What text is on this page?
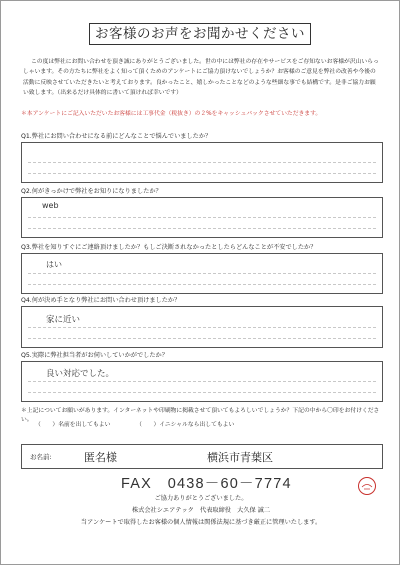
お客様のお声をお聞かせください
この度は弊社にお問い合わせを頂き誠にありがとうございました。世の中には弊社の存在やサービスをご存知ないお客様が沢山いらっしゃいます。その方たちに弊社をよく知って頂くためのアンケートにご協力頂けないでしょうか？お客様のご意見を弊社の改善や今後の活動に反映させていただきたいと考えております。良かったこと、嬉しかったことなどのような些細な事でも結構です。是非ご協力お願い致します。（出来るだけ具体的に書いて頂ければ幸いです）
＊本アンケートにご記入いただいたお客様には工事代金（税抜き）の２%をキャッシュバックさせていただきます。
Q1.弊社にお問い合わせになる前にどんなことで悩んでいましたか？
Q2.何がきっかけで弊社をお知りになりましたか？
web
Q3.弊社を知りすぐにご連絡頂けましたか？もしご決断されなかったとしたらどんなことが不安でしたか？
はい
Q4.何が決め手となり弊社にお問い合わせ頂けましたか？
家に近い
Q5.実際に弊社担当者がお伺いしていかがでしたか？
良い対応でした。
＊上記についてお願いがあります。インターネットや印刷物に掲載させて頂いてもよろしいでしょうか？下記の中から〇印をお付けください。
（　　）名前を出してもよい	（　　）イニシャルなら出してもよい
お名前:	匿名様	横浜市青葉区
FAX　0438－60－7774
ご協力ありがとうございました。
株式会社シエアテック　代表取締役　大久保 誠二
当アンケートで取得したお客様の個人情報は関係法規に基づき厳正に管理いたします。
